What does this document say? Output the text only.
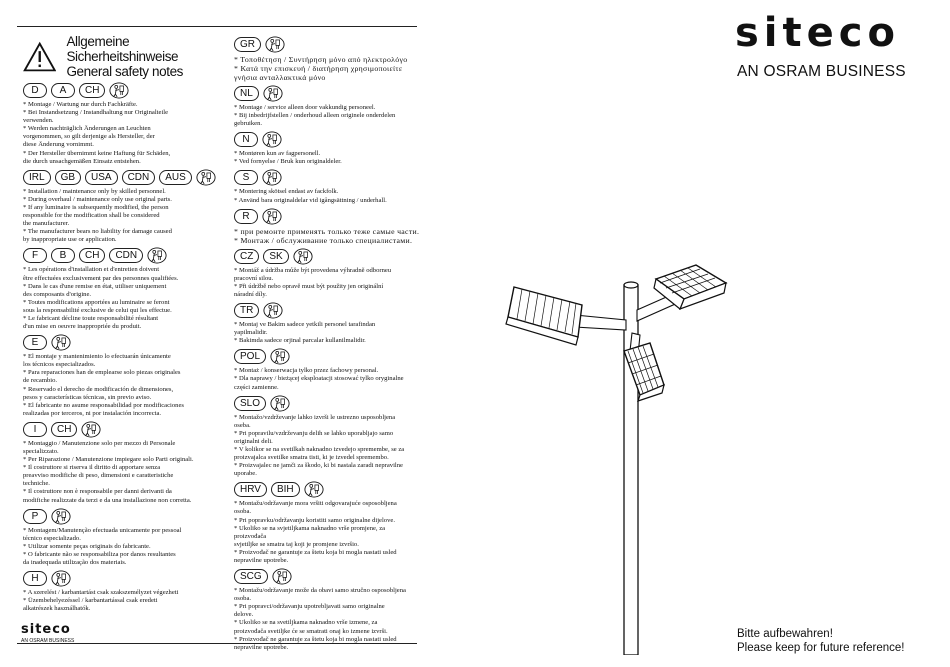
Allgemeine Sicherheitshinweise
General safety notes
D	A	CH
* Montage / Wartung nur durch Fachkräfte.
* Bei Instandsetzung / Instandhaltung nur Originalteile
verwenden.
* Werden nachträglich Änderungen an Leuchten
vorgenommen, so gilt derjenige als Hersteller, der
diese Änderung vornimmt.
* Der Hersteller übernimmt keine Haftung für Schäden,
die durch unsachgemäßen Einsatz entstehen.
IRL	GB	USA	CDN	AUS
* Installation / maintenance only by skilled personnel.
* During overhaul / maintenance only use original parts.
* If any luminaire is subsequently modified, the person
responsible for the modification shall be considered
the manufacturer.
* The manufacturer bears no liability for damage caused
by inappropriate use or application.
F	B	CH	CDN
* Les opérations d'installation et d'entretien doivent
être effectuées exclusivement par des personnes qualifiées.
* Dans le cas d'une remise en état, utiliser uniquement
des composants d'origine.
* Toutes modifications apportées au luminaire se feront
sous la responsabilité exclusive de celui qui les effectue.
* Le fabricant décline toute responsabilité résultant
d'un mise en oeuvre inappropriée du produit.
E
* El montaje y mantenimiento lo efectuarán únicamente
los técnicos especializados.
* Para reparaciones han de emplearse solo piezas originales
de recambio.
* Reservado el derecho de modificación de dimensiones,
pesos y características técnicas, sin previo aviso.
* El fabricante no asume responsabilidad por modificaciones
realizadas por terceros, ni por instalación incorrecta.
I	CH
* Montaggio / Manutenzione solo per mezzo di Personale
specializzato.
* Per Riparazione / Manutenzione impiegare solo Parti originali.
* Il costruttore si riserva il diritto di apportare senza
preavviso modifiche di peso, dimensioni e caratteristiche
techniche.
* Il costruttore non è responsabile per danni derivanti da
modifiche realizzate da terzi e da una installazione non corretta.
P
* Montagem/Manutenção efectuada unicamente por pessoal
técnico especializado.
* Utilizar somente peças originais do fabricante.
* O fabricante não se responsabiliza por danos resultantes
da inadequada utilização dos materiais.
H
* A szerelést / karbantartást csak szakszemélyzet végezheti
* Üzembehelyezéssel / karbantartással csak eredeti
alkatrészek használhatók.
siteco
AN OSRAM BUSINESS
GR
* Τοποθέτηση / Συντήρηση μόνο από ηλεκτρολόγο
* Κατά την επισκευή / διατήρηση χρησιμοποιείτε
γνήσια ανταλλακτικά μόνο
NL
* Montage / service alleen door vakkundig personeel.
* Bij inbedrijfstellen / onderhoud alleen originele onderdelen
gebruiken.
N
* Montøren kun av fagpersonell.
* Ved fornyelse / Bruk kun originaldeler.
S
* Montering skötsel endast av fackfolk.
* Använd bara originaldelar vid igångsättning / underhall.
R
* при ремонте применять только теже самые части.
* Монтаж / обслуживание только специалистами.
CZ	SK
* Montáž a údržba může být provedena výhradně odborneu
pracovní silou.
* Při údržbě nebo opravě must být použity jen originální
náradní díly.
TR
* Montaj ve Bakim sadece yetkili personel tarafindan
yapilmalidir.
* Bakimda sadece orjinal parcalar kullanilmalidir.
POL
* Montaż / konserwacja tylko przez fachowy personal.
* Dla naprawy / bieżącej eksploatacji stosować tylko oryginalne
części zamienne.
SLO
* Montažo/vzdrževanje lahko izvrši le ustrezno usposobljena
oseba.
* Pri popravilu/vzdrževanju delih se lahko uporabljajo samo
originalni deli.
* V kolikor se na svetilkah naknadno izvedejo spremembe, se za
proizvajalca svetilke smatra tisti, ki je izvedel spremembo.
* Proizvajalec ne jamči za škodo, ki bi nastala zaradi nepravilne
uporabe.
HRV	BIH
* Montažu/održavanje mora vršiti odgovarajuće osposobljena
osoba.
* Pri popravku/održavanju koristiti samo originalne dijelove.
* Ukoliko se na svjetiljkama naknadno vrše promjene, za
proizvođača
svjetiljke se smatra taj koji je promjene izvršio.
* Proizvođač ne garantuje za štetu koja bi mogla nastati usled
nepravilne upotrebe.
SCG
* Montažu/održavanje može da obavi samo stručno osposobljena
osoba.
* Pri popravci/održavanju upotrebljavati samo originalne
delove.
* Ukoliko se na svetiljkama naknadno vrše izmene, za
proizvođača svetiljke će se smatrati onaj ko izmene izvrši.
* Proizvođač ne garantuje za štetu koja bi mogla nastati usled
nepravilne upotrebe.
siteco
AN OSRAM BUSINESS
Bitte aufbewahren!
Please keep for future reference!
